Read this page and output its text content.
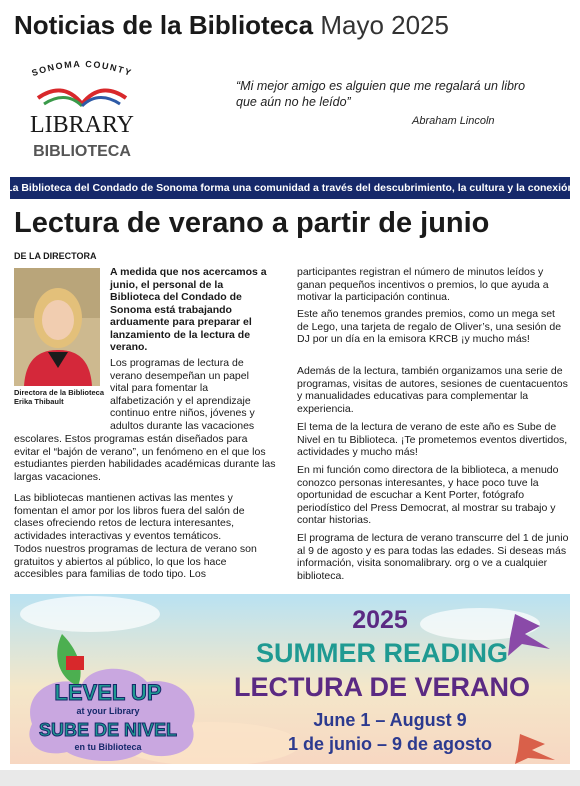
Noticias de la Biblioteca Mayo 2025
SONOMA COUNTY
LIBRARY
BIBLIOTECA
“Mi mejor amigo es alguien que me regalará un libro que aún no he leído”
Abraham Lincoln
La Biblioteca del Condado de Sonoma forma una comunidad a través del descubrimiento, la cultura y la conexión
Lectura de verano a partir de junio
DE LA DIRECTORA
Directora de la Biblioteca Erika Thibault
A medida que nos acercamos a junio, el personal de la Biblioteca del Condado de Sonoma está trabajando arduamente para preparar el lanzamiento de la lectura de verano.
Los programas de lectura de verano desempeñan un papel vital para fomentar la alfabetización y el aprendizaje continuo entre niños, jóvenes y adultos durante las vacaciones
escolares. Estos programas están diseñados para evitar el “bajón de verano”, un fenómeno en el que los estudiantes pierden habilidades académicas durante las largas vacaciones.
Las bibliotecas mantienen activas las mentes y fomentan el amor por los libros fuera del salón de clases ofreciendo retos de lectura interesantes, actividades interactivas y eventos temáticos.
Todos nuestros programas de lectura de verano son gratuitos y abiertos al público, lo que los hace accesibles para familias de todo tipo. Los
participantes registran el número de minutos leídos y ganan pequeños incentivos o premios, lo que ayuda a motivar la participación continua.
Este año tenemos grandes premios, como un mega set de Lego, una tarjeta de regalo de Oliver’s, una sesión de DJ por un día en la emisora KRCB ¡y mucho más!
Además de la lectura, también organizamos una serie de programas, visitas de autores, sesiones de cuentacuentos y manualidades educativas para complementar la experiencia.
El tema de la lectura de verano de este año es Sube de Nivel en tu Biblioteca. ¡Te prometemos eventos divertidos, actividades y mucho más!
En mi función como directora de la biblioteca, a menudo conozco personas interesantes, y hace poco tuve la oportunidad de escuchar a Kent Porter, fotógrafo periodístico del Press Democrat, al mostrar su trabajo y contar historias.
El programa de lectura de verano transcurre del 1 de junio al 9 de agosto y es para todas las edades. Si deseas más información, visita sonomalibrary. org o ve a cualquier biblioteca.
2025
SUMMER READING
LECTURA DE VERANO
June 1 – August 9
1 de junio – 9 de agosto
LEVEL UP
at your Library
SUBE DE NIVEL
en tu Biblioteca
